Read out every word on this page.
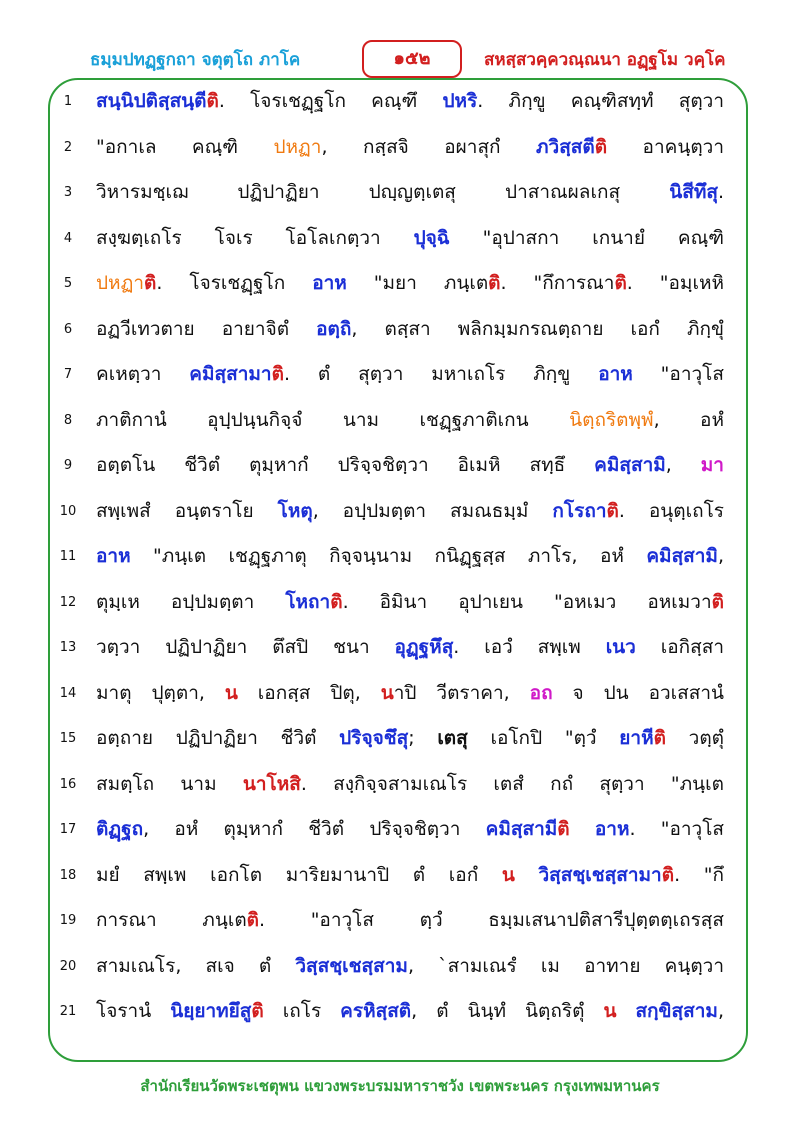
ธมฺมปทฏฺฐกถา จตุตฺโถ ภาโค	๑๕๒	สหสฺสวคฺควณฺณนา อฏฺฐโม วคฺโค
1	สนฺนิปติสฺสนฺตีติ. โจรเชฏฺฐโก คณฺฑึ ปหริ. ภิกฺขู คณฺฑิสทฺทํ สุตฺวา
2	"อกาเล คณฺฑิ ปหฏา, กสฺสจิ อผาสุกํ ภวิสฺสตีติ อาคนฺตฺวา
3	วิหารมชฺเฌ ปฏิปาฏิยา ปญฺญตฺเตสุ ปาสาณผลเกสุ นิสีทึสุ.
4	สงฺฆตฺเถโร โจเร โอโลเกตฺวา ปุจฺฉิ "อุปาสกา เกนายํ คณฺฑิ
5	ปหฏาติ. โจรเชฏฺฐโก อาห "มยา ภนฺเตติ. "กึการณาติ. "อมฺเหหิ
6	อฏวีเทวตาย อายาจิตํ อตฺถิ, ตสฺสา พลิกมฺมกรณตฺถาย เอกํ ภิกฺขุํ
7	คเหตฺวา คมิสฺสามาติ. ตํ สุตฺวา มหาเถโร ภิกฺขู อาห "อาวุโส
8	ภาติกานํ อุปฺปนฺนกิจฺจํ นาม เชฏฺฐภาติเกน นิตฺถริตพฺพํ, อหํ
9	อตฺตโน ชีวิตํ ตุมฺหากํ ปริจฺจชิตฺวา อิเมหิ สทฺธึ คมิสฺสามิ, มา
10	สพฺเพสํ อนฺตราโย โหตุ, อปฺปมตฺตา สมณธมฺมํ กโรถาติ. อนุตฺเถโร
11	อาห "ภนฺเต เชฏฺฐภาตุ กิจฺจนฺนาม กนิฏฺฐสฺส ภาโร, อหํ คมิสฺสามิ,
12	ตุมฺเห อปฺปมตฺตา โหถาติ. อิมินา อุปาเยน "อหเมว อหเมวาติ
13	วตฺวา ปฏิปาฏิยา ตึสปิ ชนา อุฏฺฐหึสุ. เอวํ สพฺเพ เนว เอกิสฺสา
14	มาตุ ปุตฺตา, น เอกสฺส ปิตุ, นาปิ วีตราคา, อถ จ ปน อวเสสานํ
15	อตฺถาย ปฏิปาฏิยา ชีวิตํ ปริจฺจชึสุ; เตสุ เอโกปิ "ตฺวํ ยาหีติ วตฺตุํ
16	สมตฺโถ นาม นาโหสิ. สงฺกิจฺจสามเณโร เตสํ กถํ สุตฺวา "ภนฺเต
17	ติฏฺฐถ, อหํ ตุมฺหากํ ชีวิตํ ปริจฺจชิตฺวา คมิสฺสามีติ อาห. "อาวุโส
18	มยํ สพฺเพ เอกโต มาริยมานาปิ ตํ เอกํ น วิสฺสชฺเชสฺสามาติ. "กึ
19	การณา ภนฺเตติ. "อาวุโส ตฺวํ ธมฺมเสนาปติสารีปุตฺตตฺเถรสฺส
20	สามเณโร, สเจ ตํ วิสฺสชฺเชสฺสาม, `สามเณรํ เม อาทาย คนฺตฺวา
21	โจรานํ นิยฺยาทยึสูติ เถโร ครหิสฺสติ, ตํ นินฺทํ นิตฺถริตุํ น สกฺขิสฺสาม,
สำนักเรียนวัดพระเชตุพน แขวงพระบรมมหาราชวัง เขตพระนคร กรุงเทพมหานคร
